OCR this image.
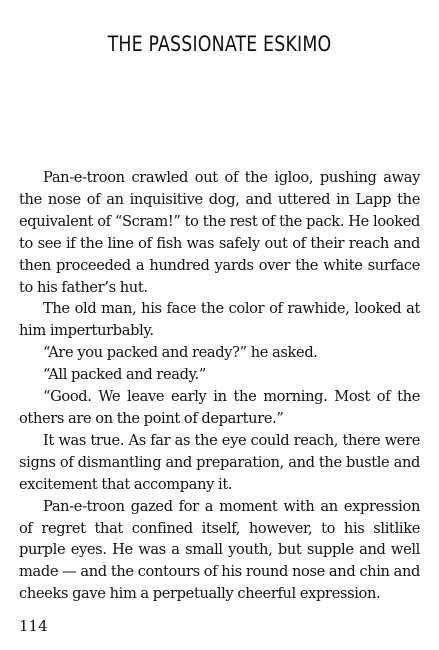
THE PASSIONATE ESKIMO

Pan-e-troon crawled out of the igloo, pushing away the nose of an inquisitive dog, and uttered in Lapp the equivalent of “Scram!” to the rest of the pack. He looked to see if the line of fish was safely out of their reach and then proceeded a hundred yards over the white surface to his father’s hut.

The old man, his face the color of rawhide, looked at him imperturbably.

“Are you packed and ready?” he asked.

“All packed and ready.”

“Good. We leave early in the morning. Most of the others are on the point of departure.”

It was true. As far as the eye could reach, there were signs of dismantling and preparation, and the bustle and excitement that accompany it.

Pan-e-troon gazed for a moment with an expression of regret that confined itself, however, to his slitlike purple eyes. He was a small youth, but supple and well made — and the contours of his round nose and chin and cheeks gave him a perpetually cheerful expression.

114
